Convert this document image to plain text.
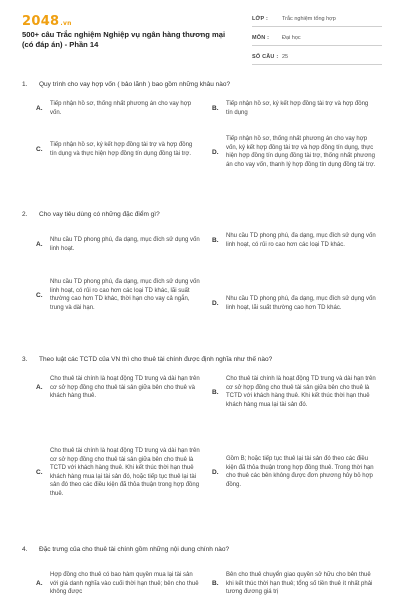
2048.vn
500+ câu Trắc nghiệm Nghiệp vụ ngân hàng thương mại (có đáp án) - Phần 14
LỚP :	Trắc nghiệm tổng hợp
MÔN :	Đại học
SỐ CÂU : 25
1.	Quy trình cho vay hợp vốn ( bảo lãnh ) bao gồm những khâu nào?
A.
Tiếp nhận hồ sơ, thống nhất phương án cho vay hợp vốn.
B.
Tiếp nhận hồ sơ, ký kết hợp đồng tài trợ và hợp đồng tín dụng
C.
Tiếp nhận hồ sơ, ký kết hợp đồng tài trợ và hợp đồng tín dụng và thực hiện hợp đồng tín dụng đồng tài trợ.	D.
Tiếp nhận hồ sơ, thống nhất phương án cho vay hợp vốn, ký kết hợp đồng tài trợ và hợp đồng tín dụng, thực hiện hợp đồng tín dụng đồng tài trợ, thống nhất phương án cho vay vốn, thanh lý hợp đồng tín dụng đồng tài trợ.
2.	Cho vay tiêu dùng có những đặc điểm gì?
A.
Nhu cầu TD phong phú, đa dạng, mục đích sử dụng vốn linh hoạt.
B.
Nhu cầu TD phong phú, đa dạng, mục đích sử dụng vốn linh hoạt, có rủi ro cao hơn các loại TD khác.
C.
Nhu cầu TD phong phú, đa dạng, mục đích sử dụng vốn linh hoạt, có rủi ro cao hơn các loại TD khác, lãi suất thường cao hơn TD khác, thời hạn cho vay cả ngắn, trung và dài hạn.
D.
Nhu cầu TD phong phú, đa dạng, mục đích sử dụng vốn linh hoạt, lãi suất thường cao hơn TD khác.
3.	Theo luật các TCTD của VN thì cho thuê tài chính được định nghĩa như thế nào?
A.
Cho thuê tài chính là hoạt động TD trung và dài hạn trên cơ sở hợp đồng cho thuê tài sản giữa bên cho thuê và khách hàng thuê.
B.
Cho thuê tài chính là hoạt động TD trung và dài hạn trên cơ sở hợp đồng cho thuê tài sản giữa bên cho thuê là TCTD với khách hàng thuê. Khi kết thúc thời hạn thuê khách hàng mua lại tài sản đó.
C.
Cho thuê tài chính là hoạt động TD trung và dài hạn trên cơ sở hợp đồng cho thuê tài sản giữa bên cho thuê là TCTD với khách hàng thuê. Khi kết thúc thời hạn thuê khách hàng mua lại tài sản đó, hoặc tiếp tục thuê lại tài sản đó theo các điều kiện đã thỏa thuận trong hợp đồng thuê.
D.
Gồm B; hoặc tiếp tục thuê lại tài sản đó theo các điều kiện đã thỏa thuận trong hợp đồng thuê. Trong thời hạn cho thuê các bên không được đơn phương hủy bỏ hợp đồng.
4.	Đặc trưng của cho thuê tài chính gồm những nội dung chính nào?
A.
Hợp đồng cho thuê có bao hàm quyền mua lại tài sản với giá danh nghĩa vào cuối thời hạn thuê; bên cho thuê không được
B.
Bên cho thuê chuyển giao quyền sở hữu cho bên thuê khi kết thúc thời hạn thuê; tổng số tiền thuê ít nhất phải tương đương giá trị
